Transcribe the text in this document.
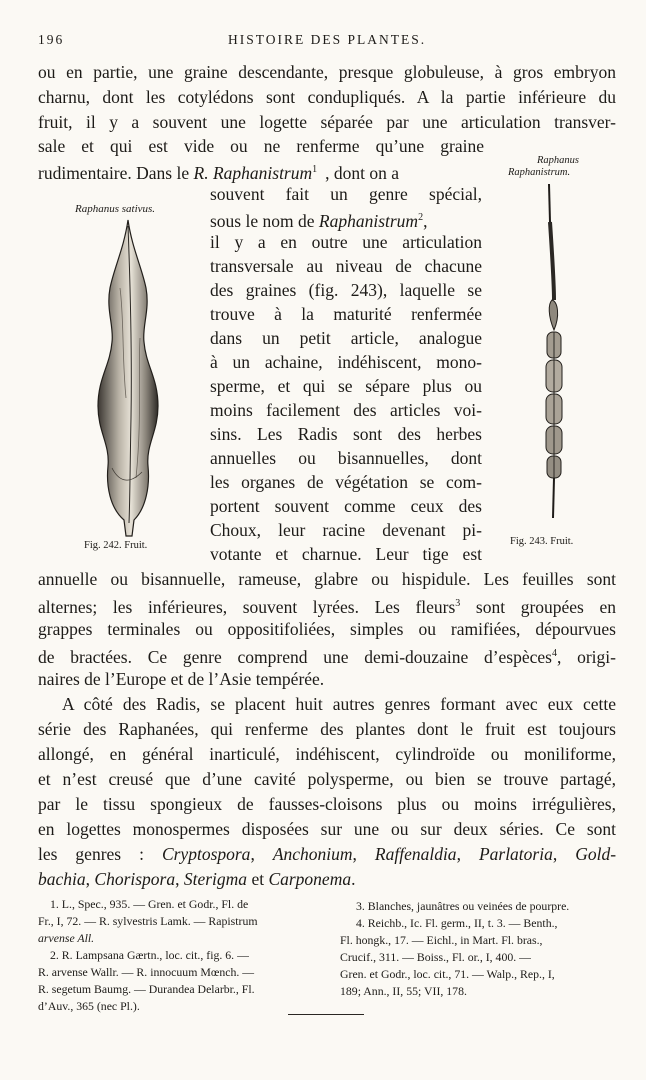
196	HISTOIRE DES PLANTES.
ou en partie, une graine descendante, presque globuleuse, à gros embryon
charnu, dont les cotylédons sont condupliqués. A la partie inférieure du
fruit, il y a souvent une logette séparée par une articulation transver-
sale et qui est vide ou ne renferme qu’une graine
rudimentaire. Dans le R. Raphanistrum$^1$ , dont on a
souvent fait un genre spécial,
sous le nom de Raphanistrum$^2$,
il y a en outre une articulation
transversale au niveau de chacune
des graines (fig. 243), laquelle se
trouve à la maturité renfermée
dans un petit article, analogue
à un achaine, indéhiscent, mono-
sperme, et qui se sépare plus ou
moins facilement des articles voi-
sins. Les Radis sont des herbes
annuelles ou bisannuelles, dont
les organes de végétation se com-
portent souvent comme ceux des
Choux, leur racine devenant pi-
votante et charnue. Leur tige est
annuelle ou bisannuelle, rameuse, glabre ou hispidule. Les feuilles sont
alternes; les inférieures, souvent lyrées. Les fleurs$^3$ sont groupées en
grappes terminales ou oppositifoliées, simples ou ramifiées, dépourvues
de bractées. Ce genre comprend une demi-douzaine d’espèces$^4$, origi-
naires de l’Europe et de l’Asie tempérée.
A côté des Radis, se placent huit autres genres formant avec eux cette
série des Raphanées, qui renferme des plantes dont le fruit est toujours
allongé, en général inarticulé, indéhiscent, cylindroïde ou moniliforme,
et n’est creusé que d’une cavité polysperme, ou bien se trouve partagé,
par le tissu spongieux de fausses-cloisons plus ou moins irrégulières,
en logettes monospermes disposées sur une ou sur deux séries. Ce sont
les genres : Cryptospora, Anchonium, Raffenaldia, Parlatoria, Gold-
bachia, Chorispora, Sterigma et Carponema.
Raphanus sativus.
Fig. 242. Fruit.
Raphanus
Raphanistrum.
Fig. 243. Fruit.
1. L., Spec., 935. — Gren. et Godr., Fl. de
Fr., I, 72. — R. sylvestris Lamk. — Rapistrum
arvense All.
2. R. Lampsana Gærtn., loc. cit., fig. 6. —
R. arvense Wallr. — R. innocuum Mœnch. —
R. segetum Baumg. — Durandea Delarbr., Fl.
d’Auv., 365 (nec Pl.).
3. Blanches, jaunâtres ou veinées de pourpre.
4. Reichb., Ic. Fl. germ., II, t. 3. — Benth.,
Fl. hongk., 17. — Eichl., in Mart. Fl. bras.,
Crucif., 311. — Boiss., Fl. or., I, 400. —
Gren. et Godr., loc. cit., 71. — Walp., Rep., I,
189; Ann., II, 55; VII, 178.
